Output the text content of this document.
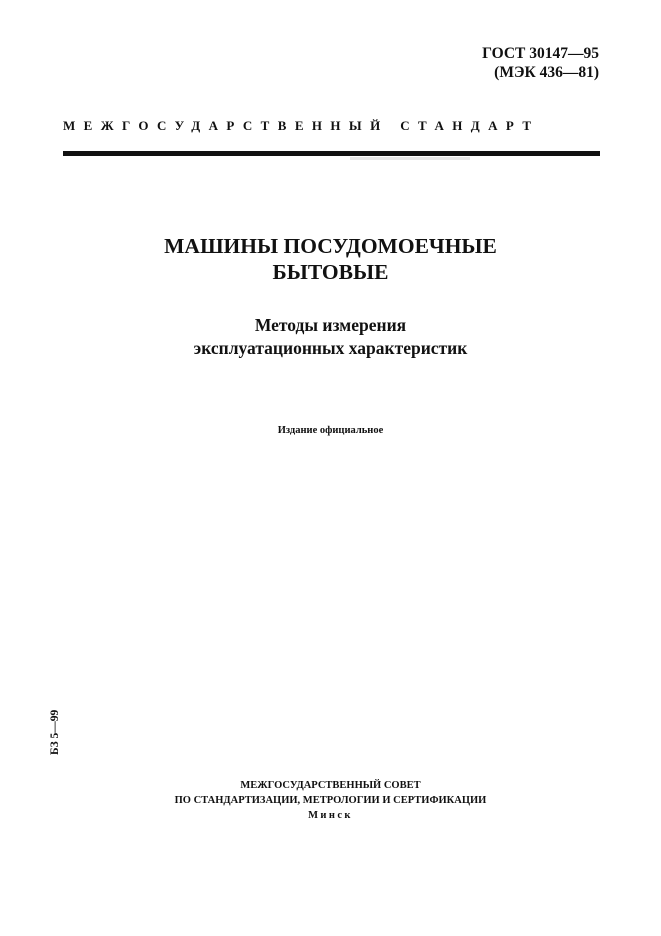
ГОСТ 30147—95
(МЭК 436—81)
МЕЖГОСУДАРСТВЕННЫЙ СТАНДАРТ
МАШИНЫ ПОСУДОМОЕЧНЫЕ
БЫТОВЫЕ
Методы измерения
эксплуатационных характеристик
Издание официальное
БЗ 5—99
МЕЖГОСУДАРСТВЕННЫЙ СОВЕТ
ПО СТАНДАРТИЗАЦИИ, МЕТРОЛОГИИ И СЕРТИФИКАЦИИ
Минск
